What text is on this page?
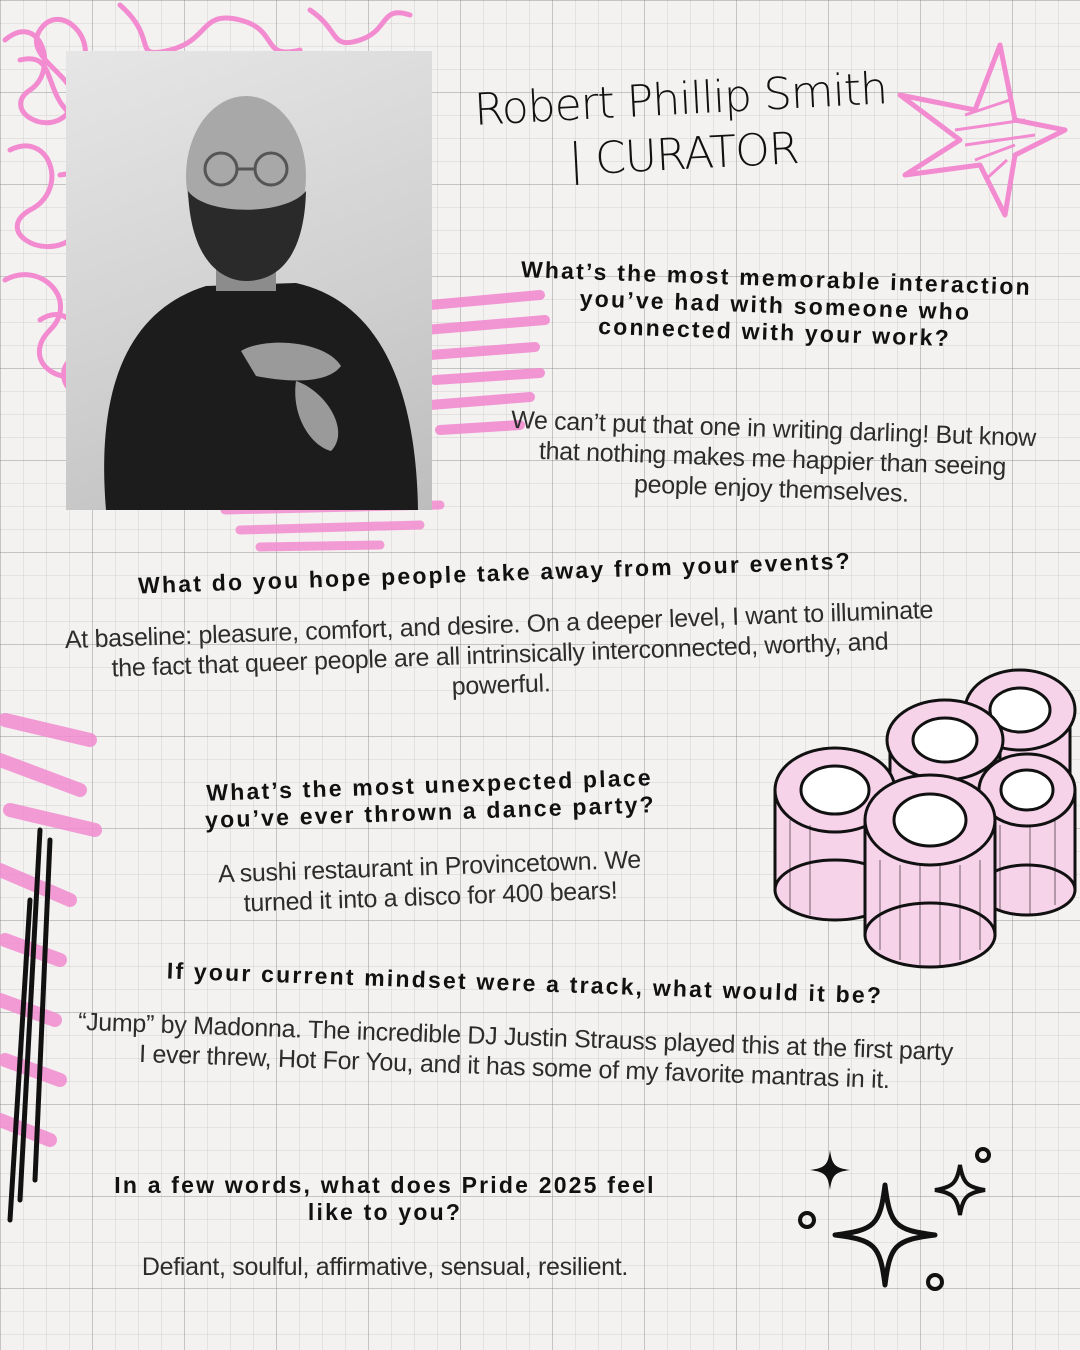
Robert Phillip Smith | CURATOR

What’s the most memorable interaction you’ve had with someone who connected with your work?

We can’t put that one in writing darling! But know that nothing makes me happier than seeing people enjoy themselves.

What do you hope people take away from your events?

At baseline: pleasure, comfort, and desire. On a deeper level, I want to illuminate the fact that queer people are all intrinsically interconnected, worthy, and powerful.

What’s the most unexpected place you’ve ever thrown a dance party?

A sushi restaurant in Provincetown. We turned it into a disco for 400 bears!

If your current mindset were a track, what would it be?

“Jump” by Madonna. The incredible DJ Justin Strauss played this at the first party I ever threw, Hot For You, and it has some of my favorite mantras in it.

In a few words, what does Pride 2025 feel like to you?

Defiant, soulful, affirmative, sensual, resilient.
